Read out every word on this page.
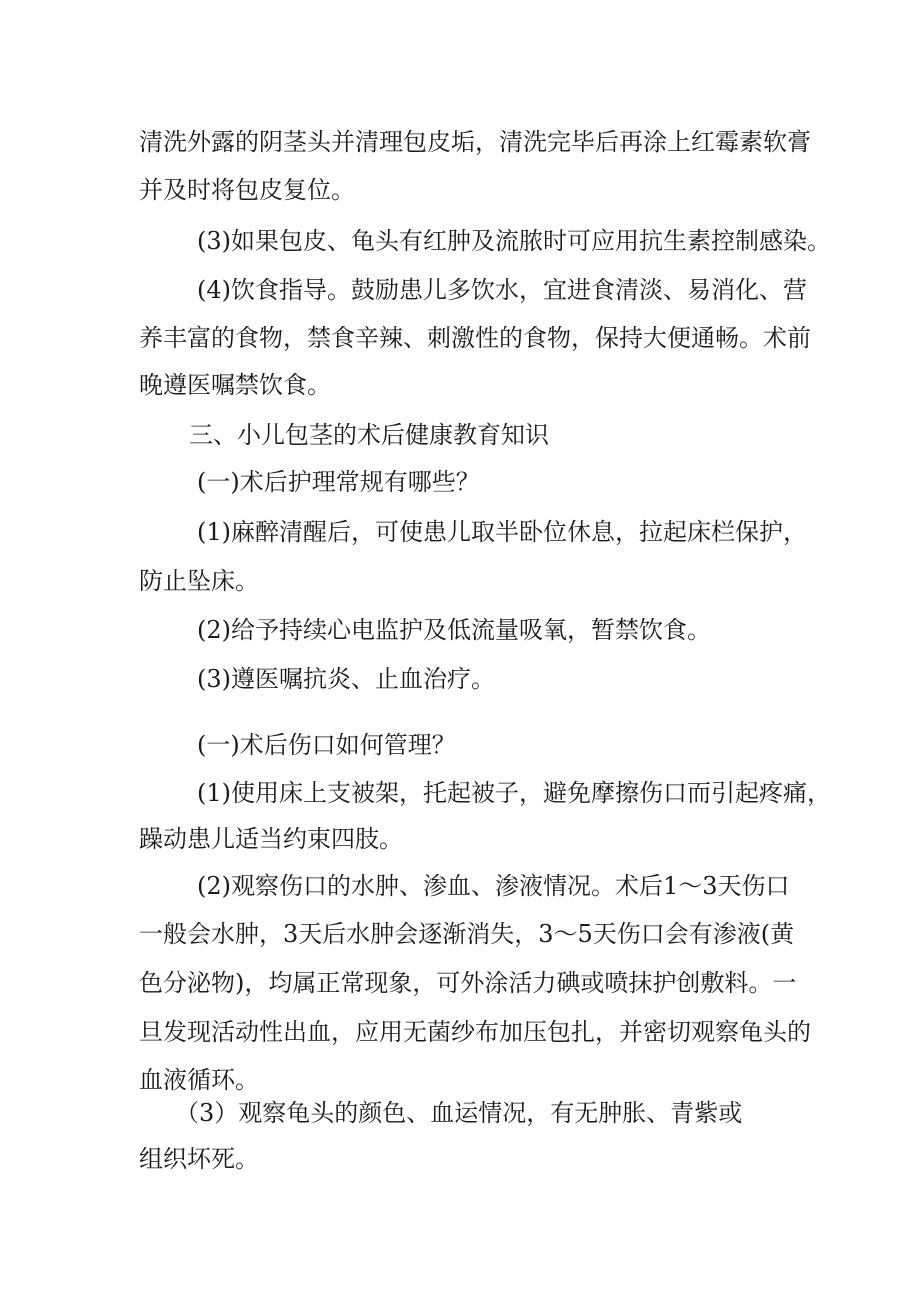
清洗外露的阴茎头并清理包皮垢，清洗完毕后再涂上红霉素软膏
并及时将包皮复位。
(3)如果包皮、龟头有红肿及流脓时可应用抗生素控制感染。
(4)饮食指导。鼓励患儿多饮水，宜进食清淡、易消化、营
养丰富的食物，禁食辛辣、刺激性的食物，保持大便通畅。术前
晚遵医嘱禁饮食。
三、小儿包茎的术后健康教育知识
(一)术后护理常规有哪些？
(1)麻醉清醒后，可使患儿取半卧位休息，拉起床栏保护，
防止坠床。
(2)给予持续心电监护及低流量吸氧，暂禁饮食。
(3)遵医嘱抗炎、止血治疗。
(一)术后伤口如何管理？
(1)使用床上支被架，托起被子，避免摩擦伤口而引起疼痛，
躁动患儿适当约束四肢。
(2)观察伤口的水肿、渗血、渗液情况。术后1～3天伤口
一般会水肿，3天后水肿会逐渐消失，3～5天伤口会有渗液(黄
色分泌物)，均属正常现象，可外涂活力碘或喷抹护创敷料。一
旦发现活动性出血，应用无菌纱布加压包扎，并密切观察龟头的
血液循环。
（3）观察龟头的颜色、血运情况，有无肿胀、青紫或
组织坏死。
